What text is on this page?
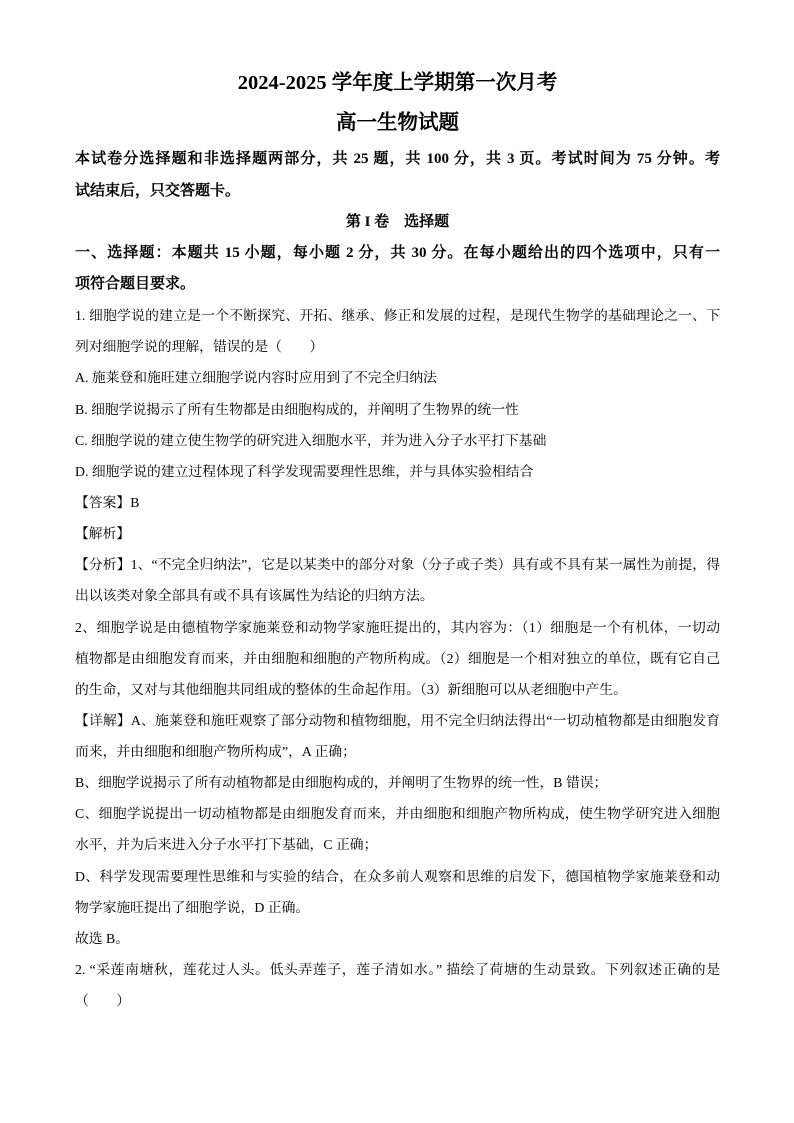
2024-2025 学年度上学期第一次月考
高一生物试题
本试卷分选择题和非选择题两部分，共 25 题，共 100 分，共 3 页。考试时间为 75 分钟。考
试结束后，只交答题卡。
第 I 卷　选择题
一、选择题：本题共 15 小题，每小题 2 分，共 30 分。在每小题给出的四个选项中，只有一
项符合题目要求。
1. 细胞学说的建立是一个不断探究、开拓、继承、修正和发展的过程，是现代生物学的基础理论之一、下
列对细胞学说的理解，错误的是（　　）
A. 施莱登和施旺建立细胞学说内容时应用到了不完全归纳法
B. 细胞学说揭示了所有生物都是由细胞构成的，并阐明了生物界的统一性
C. 细胞学说的建立使生物学的研究进入细胞水平，并为进入分子水平打下基础
D. 细胞学说的建立过程体现了科学发现需要理性思维，并与具体实验相结合
【答案】B
【解析】
【分析】1、“不完全归纳法”，它是以某类中的部分对象（分子或子类）具有或不具有某一属性为前提，得
出以该类对象全部具有或不具有该属性为结论的归纳方法。
2、细胞学说是由德植物学家施莱登和动物学家施旺提出的，其内容为：（1）细胞是一个有机体，一切动
植物都是由细胞发育而来，并由细胞和细胞的产物所构成。（2）细胞是一个相对独立的单位，既有它自己
的生命，又对与其他细胞共同组成的整体的生命起作用。（3）新细胞可以从老细胞中产生。
【详解】A、施莱登和施旺观察了部分动物和植物细胞，用不完全归纳法得出“一切动植物都是由细胞发育
而来，并由细胞和细胞产物所构成”，A 正确；
B、细胞学说揭示了所有动植物都是由细胞构成的，并阐明了生物界的统一性，B 错误；
C、细胞学说提出一切动植物都是由细胞发育而来，并由细胞和细胞产物所构成，使生物学研究进入细胞
水平，并为后来进入分子水平打下基础，C 正确；
D、科学发现需要理性思维和与实验的结合，在众多前人观察和思维的启发下，德国植物学家施莱登和动
物学家施旺提出了细胞学说，D 正确。
故选 B。
2. “采莲南塘秋，莲花过人头。低头弄莲子，莲子清如水。” 描绘了荷塘的生动景致。下列叙述正确的是
（　　）
